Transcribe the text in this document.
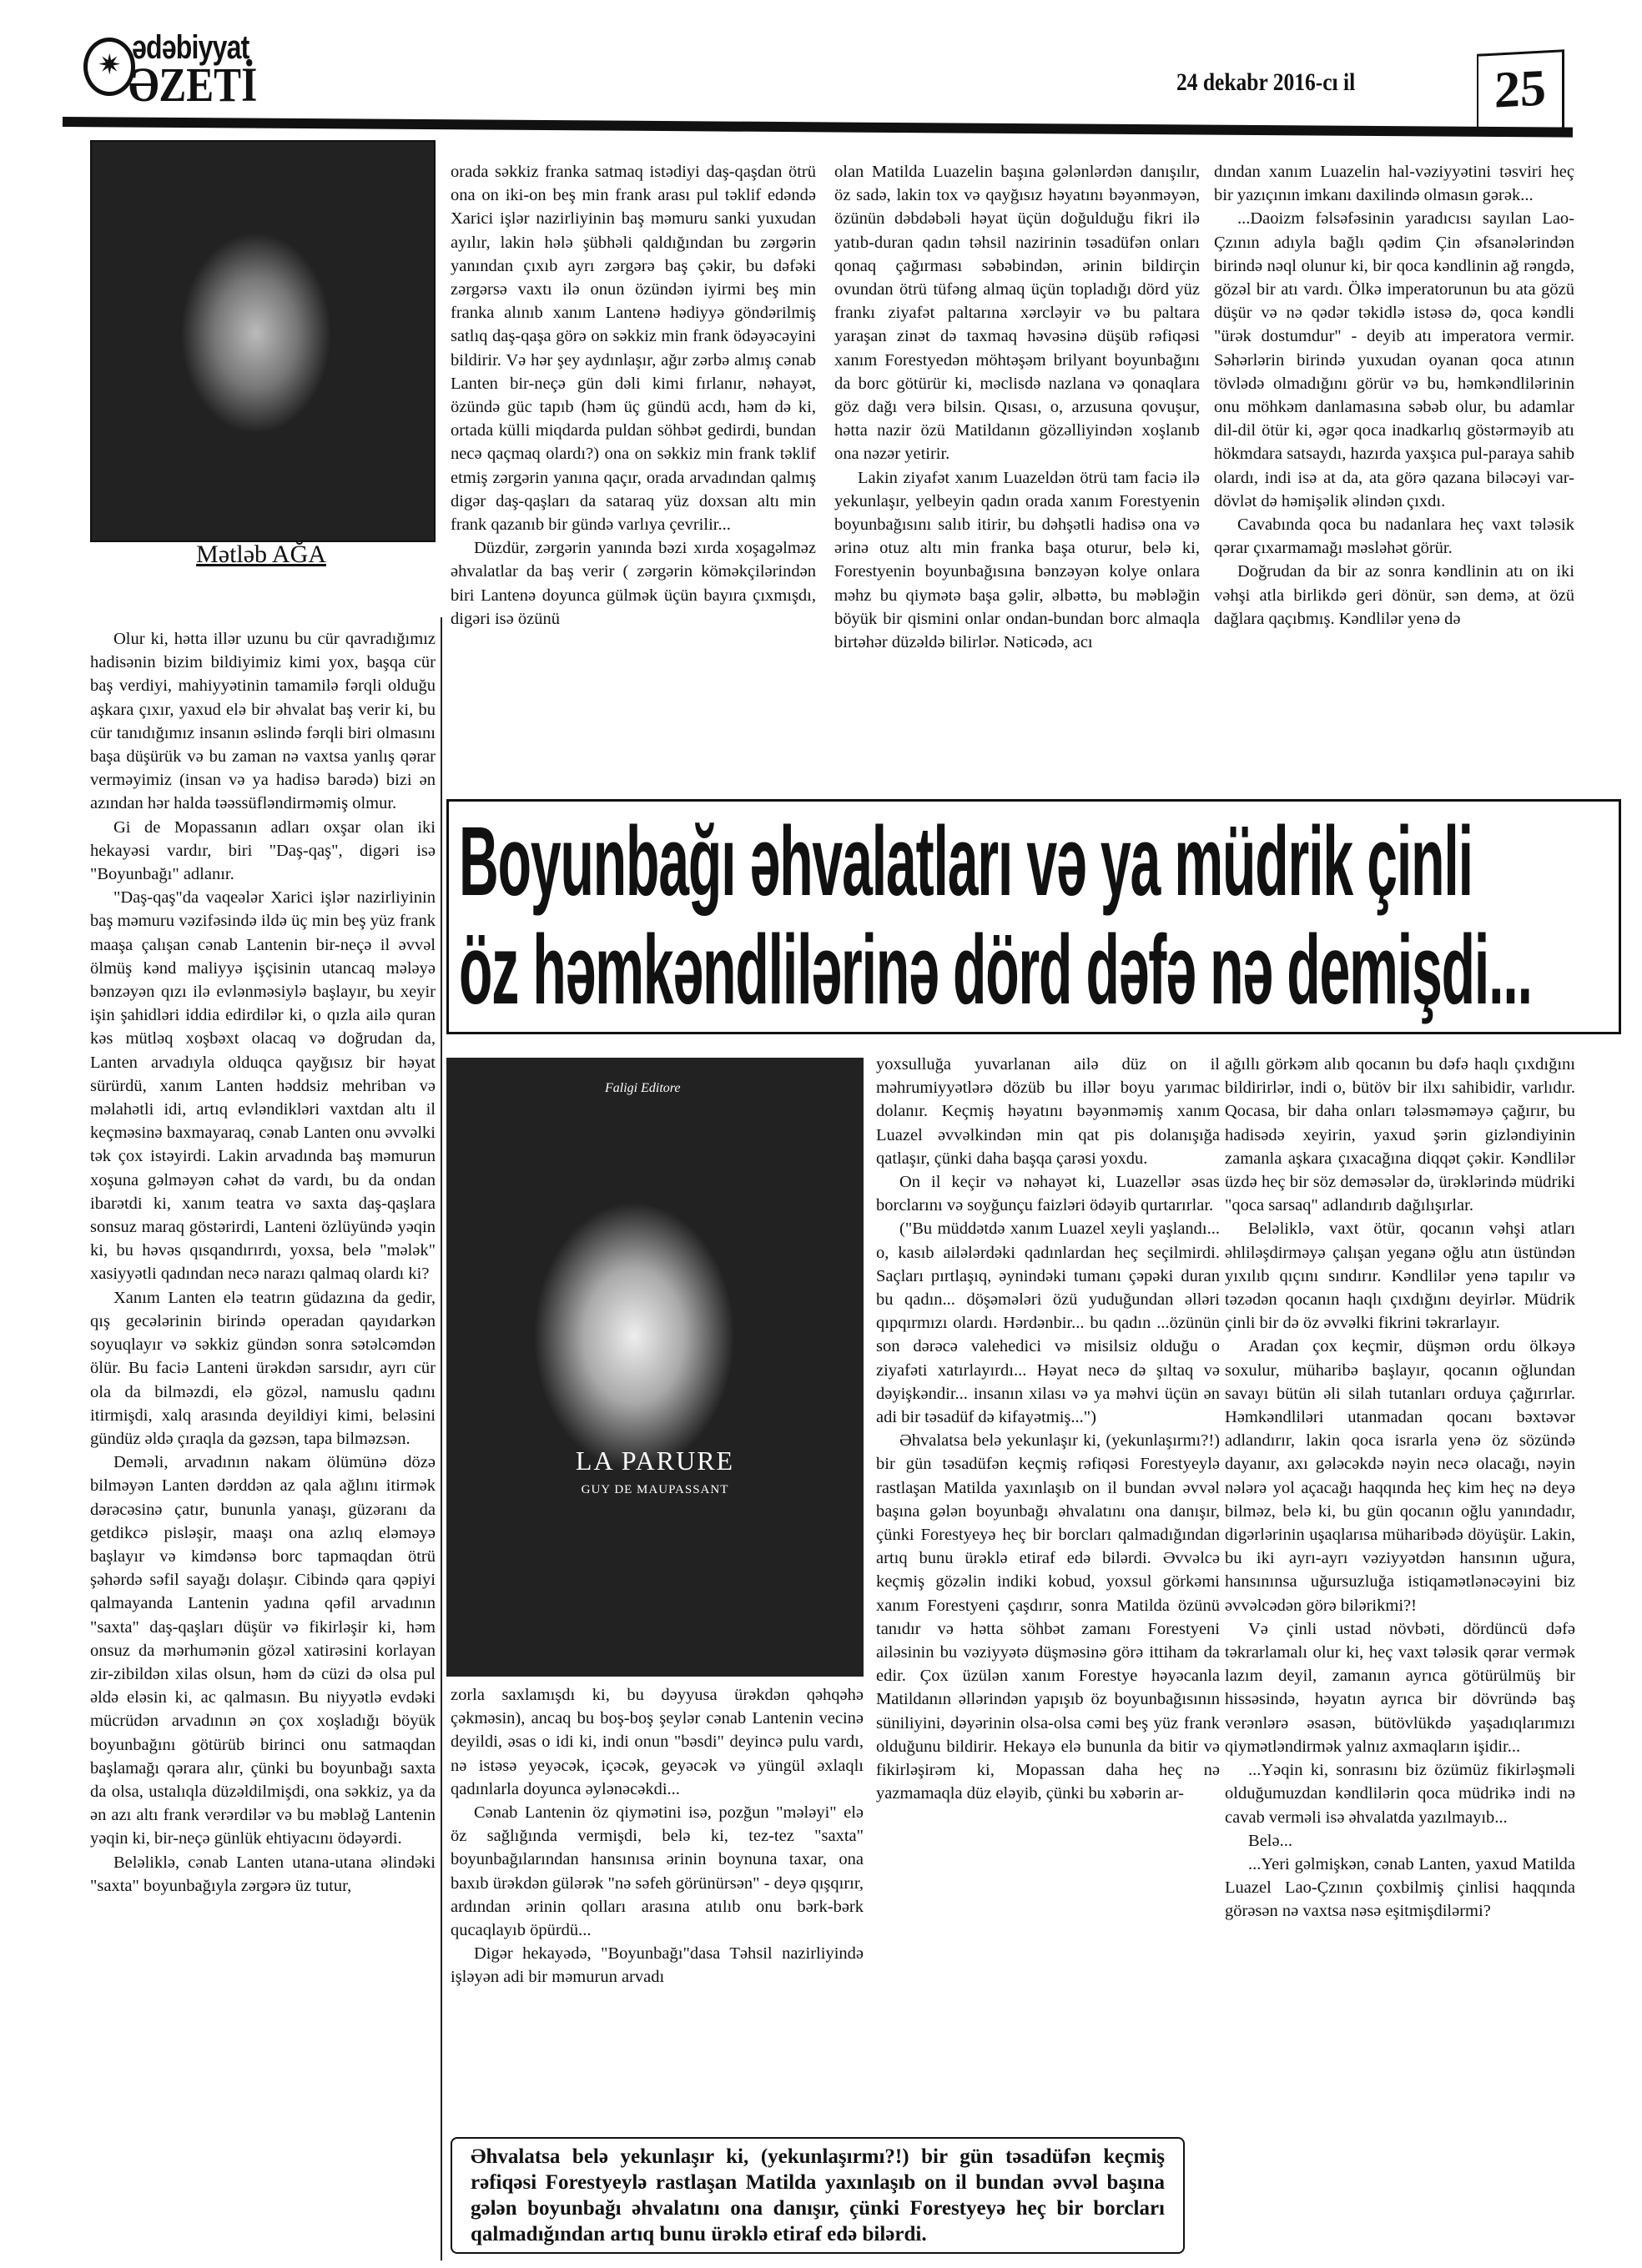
✷
ədəbiyyat
ƏZETİ	24 dekabr 2016-cı il	25
Mətləb AĞA

Olur ki, hətta illər uzunu bu cür qavradığımız hadisənin bizim bildiyimiz kimi yox, başqa cür baş verdiyi, mahiyyətinin tamamilə fərqli olduğu aşkara çıxır, yaxud elə bir əhvalat baş verir ki, bu cür tanıdığımız insanın əslində fərqli biri olmasını başa düşürük və bu zaman nə vaxtsa yanlış qərar verməyimiz (insan və ya hadisə barədə) bizi ən azından hər halda təəssüfləndirməmiş olmur.

Gi de Mopassanın adları oxşar olan iki hekayəsi vardır, biri "Daş-qaş", digəri isə "Boyunbağı" adlanır.

"Daş-qaş"da vaqeələr Xarici işlər nazirliyinin baş məmuru vəzifəsində ildə üç min beş yüz frank maaşa çalışan cənab Lantenin bir-neçə il əvvəl ölmüş kənd maliyyə işçisinin utancaq mələyə bənzəyən qızı ilə evlənməsiylə başlayır, bu xeyir işin şahidləri iddia edirdilər ki, o qızla ailə quran kəs mütləq xoşbəxt olacaq və doğrudan da, Lanten arvadıyla olduqca qayğısız bir həyat sürürdü, xanım Lanten həddsiz mehriban və məlahətli idi, artıq evləndikləri vaxtdan altı il keçməsinə baxmayaraq, cənab Lanten onu əvvəlki tək çox istəyirdi. Lakin arvadında baş məmurun xoşuna gəlməyən cəhət də vardı, bu da ondan ibarətdi ki, xanım teatra və saxta daş-qaşlara sonsuz maraq göstərirdi, Lanteni özlüyündə yəqin ki, bu həvəs qısqandırırdı, yoxsa, belə "mələk" xasiyyətli qadından necə narazı qalmaq olardı ki?

Xanım Lanten elə teatrın güdazına da gedir, qış gecələrinin birində operadan qayıdarkən soyuqlayır və səkkiz gündən sonra sətəlcəmdən ölür. Bu faciə Lanteni ürəkdən sarsıdır, ayrı cür ola da bilməzdi, elə gözəl, namuslu qadını itirmişdi, xalq arasında deyildiyi kimi, beləsini gündüz əldə çıraqla da gəzsən, tapa bilməzsən.

Deməli, arvadının nakam ölümünə dözə bilməyən Lanten dərddən az qala ağlını itirmək dərəcəsinə çatır, bununla yanaşı, güzəranı da getdikcə pisləşir, maaşı ona azlıq eləməyə başlayır və kimdənsə borc tapmaqdan ötrü şəhərdə səfil sayağı dolaşır. Cibində qara qəpiyi qalmayanda Lantenin yadına qəfil arvadının "saxta" daş-qaşları düşür və fikirləşir ki, həm onsuz da mərhumənin gözəl xatirəsini korlayan zir-zibildən xilas olsun, həm də cüzi də olsa pul əldə eləsin ki, ac qalmasın. Bu niyyətlə evdəki mücrüdən arvadının ən çox xoşladığı böyük boyunbağını götürüb birinci onu satmaqdan başlamağı qərara alır, çünki bu boyunbağı saxta da olsa, ustalıqla düzəldilmişdi, ona səkkiz, ya da ən azı altı frank verərdilər və bu məbləğ Lantenin yəqin ki, bir-neçə günlük ehtiyacını ödəyərdi.

Beləliklə, cənab Lanten utana-utana əlindəki "saxta" boyunbağıyla zərgərə üz tutur,

orada səkkiz franka satmaq istədiyi daş-qaşdan ötrü ona on iki-on beş min frank arası pul təklif edəndə Xarici işlər nazirliyinin baş məmuru sanki yuxudan ayılır, lakin hələ şübhəli qaldığından bu zərgərin yanından çıxıb ayrı zərgərə baş çəkir, bu dəfəki zərgərsə vaxtı ilə onun özündən iyirmi beş min franka alınıb xanım Lantenə hədiyyə göndərilmiş satlıq daş-qaşa görə on səkkiz min frank ödəyəcəyini bildirir. Və hər şey aydınlaşır, ağır zərbə almış cənab Lanten bir-neçə gün dəli kimi fırlanır, nəhayət, özündə güc tapıb (həm üç gündü acdı, həm də ki, ortada külli miqdarda puldan söhbət gedirdi, bundan necə qaçmaq olardı?) ona on səkkiz min frank təklif etmiş zərgərin yanına qaçır, orada arvadından qalmış digər daş-qaşları da sataraq yüz doxsan altı min frank qazanıb bir gündə varlıya çevrilir...

Düzdür, zərgərin yanında bəzi xırda xoşagəlməz əhvalatlar da baş verir ( zərgərin köməkçilərindən biri Lantenə doyunca gülmək üçün bayıra çıxmışdı, digəri isə özünü

olan Matilda Luazelin başına gələnlərdən danışılır, öz sadə, lakin tox və qayğısız həyatını bəyənməyən, özünün dəbdəbəli həyat üçün doğulduğu fikri ilə yatıb-duran qadın təhsil nazirinin təsadüfən onları qonaq çağırması səbəbindən, ərinin bildirçin ovundan ötrü tüfəng almaq üçün topladığı dörd yüz frankı ziyafət paltarına xərcləyir və bu paltara yaraşan zinət də taxmaq həvəsinə düşüb rəfiqəsi xanım Forestyedən möhtəşəm brilyant boyunbağını da borc götürür ki, məclisdə nazlana və qonaqlara göz dağı verə bilsin. Qısası, o, arzusuna qovuşur, hətta nazir özü Matildanın gözəlliyindən xoşlanıb ona nəzər yetirir.

Lakin ziyafət xanım Luazeldən ötrü tam faciə ilə yekunlaşır, yelbeyin qadın orada xanım Forestyenin boyunbağısını salıb itirir, bu dəhşətli hadisə ona və ərinə otuz altı min franka başa oturur, belə ki, Forestyenin boyunbağısına bənzəyən kolye onlara məhz bu qiymətə başa gəlir, əlbəttə, bu məbləğin böyük bir qismini onlar ondan-bundan borc almaqla birtəhər düzəldə bilirlər. Nəticədə, acı

dından xanım Luazelin hal-vəziyyətini təsviri heç bir yazıçının imkanı daxilində olmasın gərək...

...Daoizm fəlsəfəsinin yaradıcısı sayılan Lao-Çzının adıyla bağlı qədim Çin əfsanələrindən birində nəql olunur ki, bir qoca kəndlinin ağ rəngdə, gözəl bir atı vardı. Ölkə imperatorunun bu ata gözü düşür və nə qədər təkidlə istəsə də, qoca kəndli "ürək dostumdur" - deyib atı imperatora vermir. Səhərlərin birində yuxudan oyanan qoca atının tövlədə olmadığını görür və bu, həmkəndlilərinin onu möhkəm danlamasına səbəb olur, bu adamlar dil-dil ötür ki, əgər qoca inadkarlıq göstərməyib atı hökmdara satsaydı, hazırda yaxşıca pul-paraya sahib olardı, indi isə at da, ata görə qazana biləcəyi var-dövlət də həmişəlik əlindən çıxdı.

Cavabında qoca bu nadanlara heç vaxt tələsik qərar çıxarmamağı məsləhət görür.

Doğrudan da bir az sonra kəndlinin atı on iki vəhşi atla birlikdə geri dönür, sən demə, at özü dağlara qaçıbmış. Kəndlilər yenə də

Boyunbağı əhvalatları və ya müdrik çinli
öz həmkəndlilərinə dörd dəfə nə demişdi...
Faligi Editore
LA PARURE
GUY DE MAUPASSANT

zorla saxlamışdı ki, bu dəyyusa ürəkdən qəhqəhə çəkməsin), ancaq bu boş-boş şeylər cənab Lantenin vecinə deyildi, əsas o idi ki, indi onun "bəsdi" deyincə pulu vardı, nə istəsə yeyəcək, içəcək, geyəcək və yüngül əxlaqlı qadınlarla doyunca əylənəcəkdi...

Cənab Lantenin öz qiymətini isə, pozğun "mələyi" elə öz sağlığında vermişdi, belə ki, tez-tez "saxta" boyunbağılarından hansınısa ərinin boynuna taxar, ona baxıb ürəkdən gülərək "nə səfeh görünürsən" - deyə qışqırır, ardından ərinin qolları arasına atılıb onu bərk-bərk qucaqlayıb öpürdü...

Digər hekayədə, "Boyunbağı"dasa Təhsil nazirliyində işləyən adi bir məmurun arvadı

yoxsulluğa yuvarlanan ailə düz on il məhrumiyyətlərə dözüb bu illər boyu yarımac dolanır. Keçmiş həyatını bəyənməmiş xanım Luazel əvvəlkindən min qat pis dolanışığa qatlaşır, çünki daha başqa çarəsi yoxdu.

On il keçir və nəhayət ki, Luazellər əsas borclarını və soyğunçu faizləri ödəyib qurtarırlar.

("Bu müddətdə xanım Luazel xeyli yaşlandı... o, kasıb ailələrdəki qadınlardan heç seçilmirdi. Saçları pırtlaşıq, əynindəki tumanı çəpəki duran bu qadın... döşəmələri özü yuduğundan əlləri qıpqırmızı olardı. Hərdənbir... bu qadın ...özünün son dərəcə valehedici və misilsiz olduğu o ziyafəti xatırlayırdı... Həyat necə də şıltaq və dəyişkəndir... insanın xilası və ya məhvi üçün ən adi bir təsadüf də kifayətmiş...")

Əhvalatsa belə yekunlaşır ki, (yekunlaşırmı?!) bir gün təsadüfən keçmiş rəfiqəsi Forestyeylə rastlaşan Matilda yaxınlaşıb on il bundan əvvəl başına gələn boyunbağı əhvalatını ona danışır, çünki Forestyeyə heç bir borcları qalmadığından artıq bunu ürəklə etiraf edə bilərdi. Əvvəlcə keçmiş gözəlin indiki kobud, yoxsul görkəmi xanım Forestyeni çaşdırır, sonra Matilda özünü tanıdır və hətta söhbət zamanı Forestyeni ailəsinin bu vəziyyətə düşməsinə görə ittiham da edir. Çox üzülən xanım Forestye həyəcanla Matildanın əllərindən yapışıb öz boyunbağısının süniliyini, dəyərinin olsa-olsa cəmi beş yüz frank olduğunu bildirir. Hekayə elə bununla da bitir və fikirləşirəm ki, Mopassan daha heç nə yazmamaqla düz eləyib, çünki bu xəbərin ar-

ağıllı görkəm alıb qocanın bu dəfə haqlı çıxdığını bildirirlər, indi o, bütöv bir ilxı sahibidir, varlıdır. Qocasa, bir daha onları tələsməməyə çağırır, bu hadisədə xeyirin, yaxud şərin gizləndiyinin zamanla aşkara çıxacağına diqqət çəkir. Kəndlilər üzdə heç bir söz deməsələr də, ürəklərində müdriki "qoca sarsaq" adlandırıb dağılışırlar.

Beləliklə, vaxt ötür, qocanın vəhşi atları əhliləşdirməyə çalışan yeganə oğlu atın üstündən yıxılıb qıçını sındırır. Kəndlilər yenə tapılır və təzədən qocanın haqlı çıxdığını deyirlər. Müdrik çinli bir də öz əvvəlki fikrini təkrarlayır.

Aradan çox keçmir, düşmən ordu ölkəyə soxulur, müharibə başlayır, qocanın oğlundan savayı bütün əli silah tutanları orduya çağırırlar. Həmkəndliləri utanmadan qocanı bəxtəvər adlandırır, lakin qoca israrla yenə öz sözündə dayanır, axı gələcəkdə nəyin necə olacağı, nəyin nələrə yol açacağı haqqında heç kim heç nə deyə bilməz, belə ki, bu gün qocanın oğlu yanındadır, digərlərinin uşaqlarısa müharibədə döyüşür. Lakin, bu iki ayrı-ayrı vəziyyətdən hansının uğura, hansınınsa uğursuzluğa istiqamətlənəcəyini biz əvvəlcədən görə bilərikmi?!

Və çinli ustad növbəti, dördüncü dəfə təkrarlamalı olur ki, heç vaxt tələsik qərar vermək lazım deyil, zamanın ayrıca götürülmüş bir hissəsində, həyatın ayrıca bir dövründə baş verənlərə əsasən, bütövlükdə yaşadıqlarımızı qiymətləndirmək yalnız axmaqların işidir...

...Yəqin ki, sonrasını biz özümüz fikirləşməli olduğumuzdan kəndlilərin qoca müdrikə indi nə cavab verməli isə əhvalatda yazılmayıb...

Belə...

...Yeri gəlmişkən, cənab Lanten, yaxud Matilda Luazel Lao-Çzının çoxbilmiş çinlisi haqqında görəsən nə vaxtsa nəsə eşitmişdilərmi?

Əhvalatsa belə yekunlaşır ki, (yekunlaşırmı?!) bir gün təsadüfən keçmiş rəfiqəsi Forestyeylə rastlaşan Matilda yaxınlaşıb on il bundan əvvəl başına gələn boyunbağı əhvalatını ona danışır, çünki Forestyeyə heç bir borcları qalmadığından artıq bunu ürəklə etiraf edə bilərdi.
